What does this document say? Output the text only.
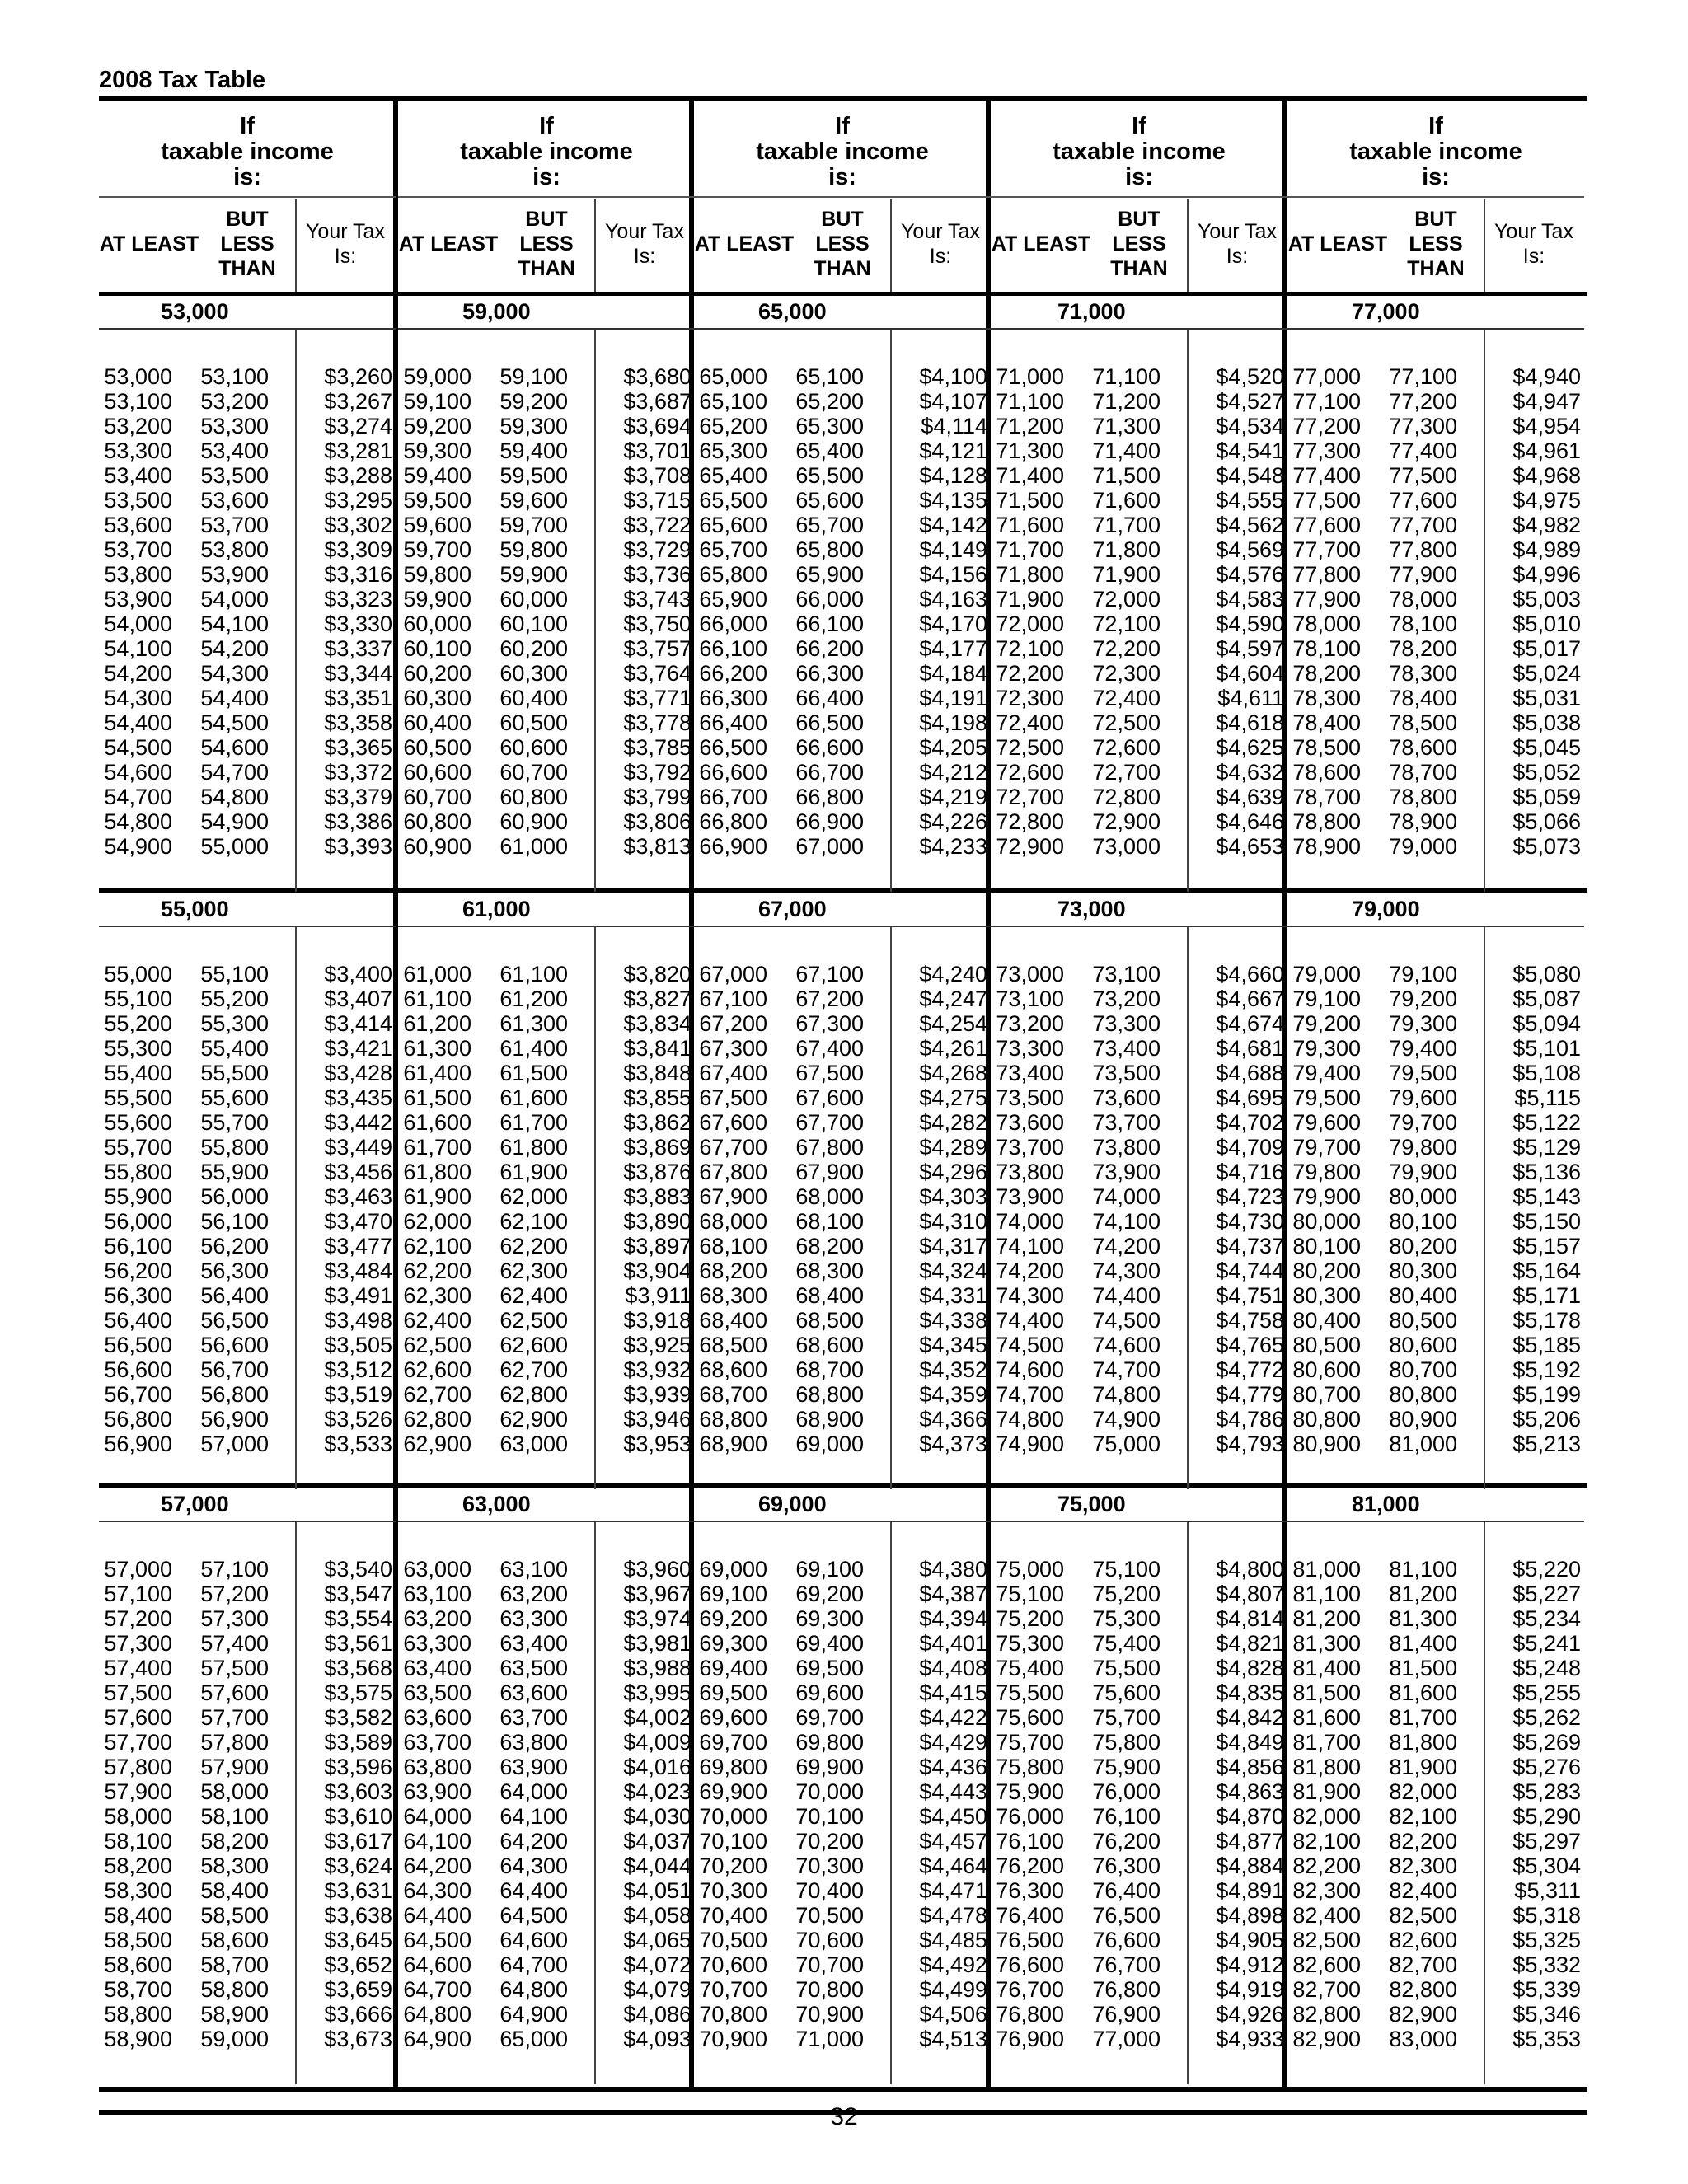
2008 Tax Table
If
taxable income
is:
AT LEAST
BUT LESS THAN
Your Tax Is:
53,000
53,000	53,100	$3,260
53,100	53,200	$3,267
53,200	53,300	$3,274
53,300	53,400	$3,281
53,400	53,500	$3,288
53,500	53,600	$3,295
53,600	53,700	$3,302
53,700	53,800	$3,309
53,800	53,900	$3,316
53,900	54,000	$3,323
54,000	54,100	$3,330
54,100	54,200	$3,337
54,200	54,300	$3,344
54,300	54,400	$3,351
54,400	54,500	$3,358
54,500	54,600	$3,365
54,600	54,700	$3,372
54,700	54,800	$3,379
54,800	54,900	$3,386
54,900	55,000	$3,393
55,000
55,000	55,100	$3,400
55,100	55,200	$3,407
55,200	55,300	$3,414
55,300	55,400	$3,421
55,400	55,500	$3,428
55,500	55,600	$3,435
55,600	55,700	$3,442
55,700	55,800	$3,449
55,800	55,900	$3,456
55,900	56,000	$3,463
56,000	56,100	$3,470
56,100	56,200	$3,477
56,200	56,300	$3,484
56,300	56,400	$3,491
56,400	56,500	$3,498
56,500	56,600	$3,505
56,600	56,700	$3,512
56,700	56,800	$3,519
56,800	56,900	$3,526
56,900	57,000	$3,533
57,000
57,000	57,100	$3,540
57,100	57,200	$3,547
57,200	57,300	$3,554
57,300	57,400	$3,561
57,400	57,500	$3,568
57,500	57,600	$3,575
57,600	57,700	$3,582
57,700	57,800	$3,589
57,800	57,900	$3,596
57,900	58,000	$3,603
58,000	58,100	$3,610
58,100	58,200	$3,617
58,200	58,300	$3,624
58,300	58,400	$3,631
58,400	58,500	$3,638
58,500	58,600	$3,645
58,600	58,700	$3,652
58,700	58,800	$3,659
58,800	58,900	$3,666
58,900	59,000	$3,673
If
taxable income
is:
AT LEAST
BUT LESS THAN
Your Tax Is:
59,000
59,000	59,100	$3,680
59,100	59,200	$3,687
59,200	59,300	$3,694
59,300	59,400	$3,701
59,400	59,500	$3,708
59,500	59,600	$3,715
59,600	59,700	$3,722
59,700	59,800	$3,729
59,800	59,900	$3,736
59,900	60,000	$3,743
60,000	60,100	$3,750
60,100	60,200	$3,757
60,200	60,300	$3,764
60,300	60,400	$3,771
60,400	60,500	$3,778
60,500	60,600	$3,785
60,600	60,700	$3,792
60,700	60,800	$3,799
60,800	60,900	$3,806
60,900	61,000	$3,813
61,000
61,000	61,100	$3,820
61,100	61,200	$3,827
61,200	61,300	$3,834
61,300	61,400	$3,841
61,400	61,500	$3,848
61,500	61,600	$3,855
61,600	61,700	$3,862
61,700	61,800	$3,869
61,800	61,900	$3,876
61,900	62,000	$3,883
62,000	62,100	$3,890
62,100	62,200	$3,897
62,200	62,300	$3,904
62,300	62,400	$3,911
62,400	62,500	$3,918
62,500	62,600	$3,925
62,600	62,700	$3,932
62,700	62,800	$3,939
62,800	62,900	$3,946
62,900	63,000	$3,953
63,000
63,000	63,100	$3,960
63,100	63,200	$3,967
63,200	63,300	$3,974
63,300	63,400	$3,981
63,400	63,500	$3,988
63,500	63,600	$3,995
63,600	63,700	$4,002
63,700	63,800	$4,009
63,800	63,900	$4,016
63,900	64,000	$4,023
64,000	64,100	$4,030
64,100	64,200	$4,037
64,200	64,300	$4,044
64,300	64,400	$4,051
64,400	64,500	$4,058
64,500	64,600	$4,065
64,600	64,700	$4,072
64,700	64,800	$4,079
64,800	64,900	$4,086
64,900	65,000	$4,093
If
taxable income
is:
AT LEAST
BUT LESS THAN
Your Tax Is:
65,000
65,000	65,100	$4,100
65,100	65,200	$4,107
65,200	65,300	$4,114
65,300	65,400	$4,121
65,400	65,500	$4,128
65,500	65,600	$4,135
65,600	65,700	$4,142
65,700	65,800	$4,149
65,800	65,900	$4,156
65,900	66,000	$4,163
66,000	66,100	$4,170
66,100	66,200	$4,177
66,200	66,300	$4,184
66,300	66,400	$4,191
66,400	66,500	$4,198
66,500	66,600	$4,205
66,600	66,700	$4,212
66,700	66,800	$4,219
66,800	66,900	$4,226
66,900	67,000	$4,233
67,000
67,000	67,100	$4,240
67,100	67,200	$4,247
67,200	67,300	$4,254
67,300	67,400	$4,261
67,400	67,500	$4,268
67,500	67,600	$4,275
67,600	67,700	$4,282
67,700	67,800	$4,289
67,800	67,900	$4,296
67,900	68,000	$4,303
68,000	68,100	$4,310
68,100	68,200	$4,317
68,200	68,300	$4,324
68,300	68,400	$4,331
68,400	68,500	$4,338
68,500	68,600	$4,345
68,600	68,700	$4,352
68,700	68,800	$4,359
68,800	68,900	$4,366
68,900	69,000	$4,373
69,000
69,000	69,100	$4,380
69,100	69,200	$4,387
69,200	69,300	$4,394
69,300	69,400	$4,401
69,400	69,500	$4,408
69,500	69,600	$4,415
69,600	69,700	$4,422
69,700	69,800	$4,429
69,800	69,900	$4,436
69,900	70,000	$4,443
70,000	70,100	$4,450
70,100	70,200	$4,457
70,200	70,300	$4,464
70,300	70,400	$4,471
70,400	70,500	$4,478
70,500	70,600	$4,485
70,600	70,700	$4,492
70,700	70,800	$4,499
70,800	70,900	$4,506
70,900	71,000	$4,513
If
taxable income
is:
AT LEAST
BUT LESS THAN
Your Tax Is:
71,000
71,000	71,100	$4,520
71,100	71,200	$4,527
71,200	71,300	$4,534
71,300	71,400	$4,541
71,400	71,500	$4,548
71,500	71,600	$4,555
71,600	71,700	$4,562
71,700	71,800	$4,569
71,800	71,900	$4,576
71,900	72,000	$4,583
72,000	72,100	$4,590
72,100	72,200	$4,597
72,200	72,300	$4,604
72,300	72,400	$4,611
72,400	72,500	$4,618
72,500	72,600	$4,625
72,600	72,700	$4,632
72,700	72,800	$4,639
72,800	72,900	$4,646
72,900	73,000	$4,653
73,000
73,000	73,100	$4,660
73,100	73,200	$4,667
73,200	73,300	$4,674
73,300	73,400	$4,681
73,400	73,500	$4,688
73,500	73,600	$4,695
73,600	73,700	$4,702
73,700	73,800	$4,709
73,800	73,900	$4,716
73,900	74,000	$4,723
74,000	74,100	$4,730
74,100	74,200	$4,737
74,200	74,300	$4,744
74,300	74,400	$4,751
74,400	74,500	$4,758
74,500	74,600	$4,765
74,600	74,700	$4,772
74,700	74,800	$4,779
74,800	74,900	$4,786
74,900	75,000	$4,793
75,000
75,000	75,100	$4,800
75,100	75,200	$4,807
75,200	75,300	$4,814
75,300	75,400	$4,821
75,400	75,500	$4,828
75,500	75,600	$4,835
75,600	75,700	$4,842
75,700	75,800	$4,849
75,800	75,900	$4,856
75,900	76,000	$4,863
76,000	76,100	$4,870
76,100	76,200	$4,877
76,200	76,300	$4,884
76,300	76,400	$4,891
76,400	76,500	$4,898
76,500	76,600	$4,905
76,600	76,700	$4,912
76,700	76,800	$4,919
76,800	76,900	$4,926
76,900	77,000	$4,933
If
taxable income
is:
AT LEAST
BUT LESS THAN
Your Tax Is:
77,000
77,000	77,100	$4,940
77,100	77,200	$4,947
77,200	77,300	$4,954
77,300	77,400	$4,961
77,400	77,500	$4,968
77,500	77,600	$4,975
77,600	77,700	$4,982
77,700	77,800	$4,989
77,800	77,900	$4,996
77,900	78,000	$5,003
78,000	78,100	$5,010
78,100	78,200	$5,017
78,200	78,300	$5,024
78,300	78,400	$5,031
78,400	78,500	$5,038
78,500	78,600	$5,045
78,600	78,700	$5,052
78,700	78,800	$5,059
78,800	78,900	$5,066
78,900	79,000	$5,073
79,000
79,000	79,100	$5,080
79,100	79,200	$5,087
79,200	79,300	$5,094
79,300	79,400	$5,101
79,400	79,500	$5,108
79,500	79,600	$5,115
79,600	79,700	$5,122
79,700	79,800	$5,129
79,800	79,900	$5,136
79,900	80,000	$5,143
80,000	80,100	$5,150
80,100	80,200	$5,157
80,200	80,300	$5,164
80,300	80,400	$5,171
80,400	80,500	$5,178
80,500	80,600	$5,185
80,600	80,700	$5,192
80,700	80,800	$5,199
80,800	80,900	$5,206
80,900	81,000	$5,213
81,000
81,000	81,100	$5,220
81,100	81,200	$5,227
81,200	81,300	$5,234
81,300	81,400	$5,241
81,400	81,500	$5,248
81,500	81,600	$5,255
81,600	81,700	$5,262
81,700	81,800	$5,269
81,800	81,900	$5,276
81,900	82,000	$5,283
82,000	82,100	$5,290
82,100	82,200	$5,297
82,200	82,300	$5,304
82,300	82,400	$5,311
82,400	82,500	$5,318
82,500	82,600	$5,325
82,600	82,700	$5,332
82,700	82,800	$5,339
82,800	82,900	$5,346
82,900	83,000	$5,353
32
